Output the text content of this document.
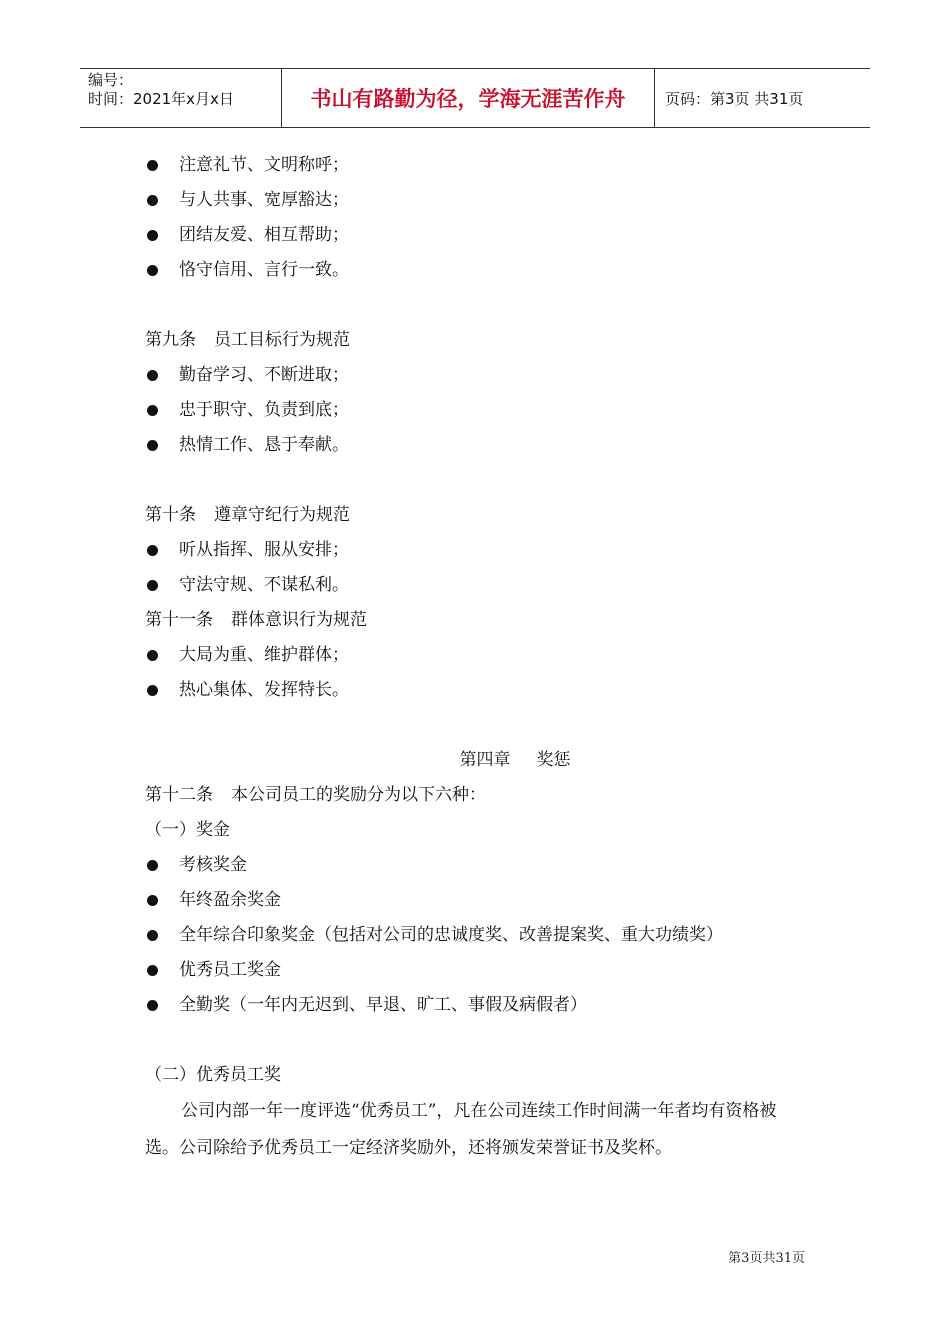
编号：
时间：2021年x月x日	书山有路勤为径，学海无涯苦作舟	页码：第3页 共31页
注意礼节、文明称呼；
与人共事、宽厚豁达；
团结友爱、相互帮助；
恪守信用、言行一致。
第九条 员工目标行为规范
勤奋学习、不断进取；
忠于职守、负责到底；
热情工作、恳于奉献。
第十条 遵章守纪行为规范
听从指挥、服从安排；
守法守规、不谋私利。
第十一条 群体意识行为规范
大局为重、维护群体；
热心集体、发挥特长。
第四章 奖惩
第十二条 本公司员工的奖励分为以下六种：
（一）奖金
考核奖金
年终盈余奖金
全年综合印象奖金（包括对公司的忠诚度奖、改善提案奖、重大功绩奖）
优秀员工奖金
全勤奖（一年内无迟到、早退、旷工、事假及病假者）
（二）优秀员工奖
公司内部一年一度评选“优秀员工”，凡在公司连续工作时间满一年者均有资格被选。公司除给予优秀员工一定经济奖励外，还将颁发荣誉证书及奖杯。
第3页共31页
